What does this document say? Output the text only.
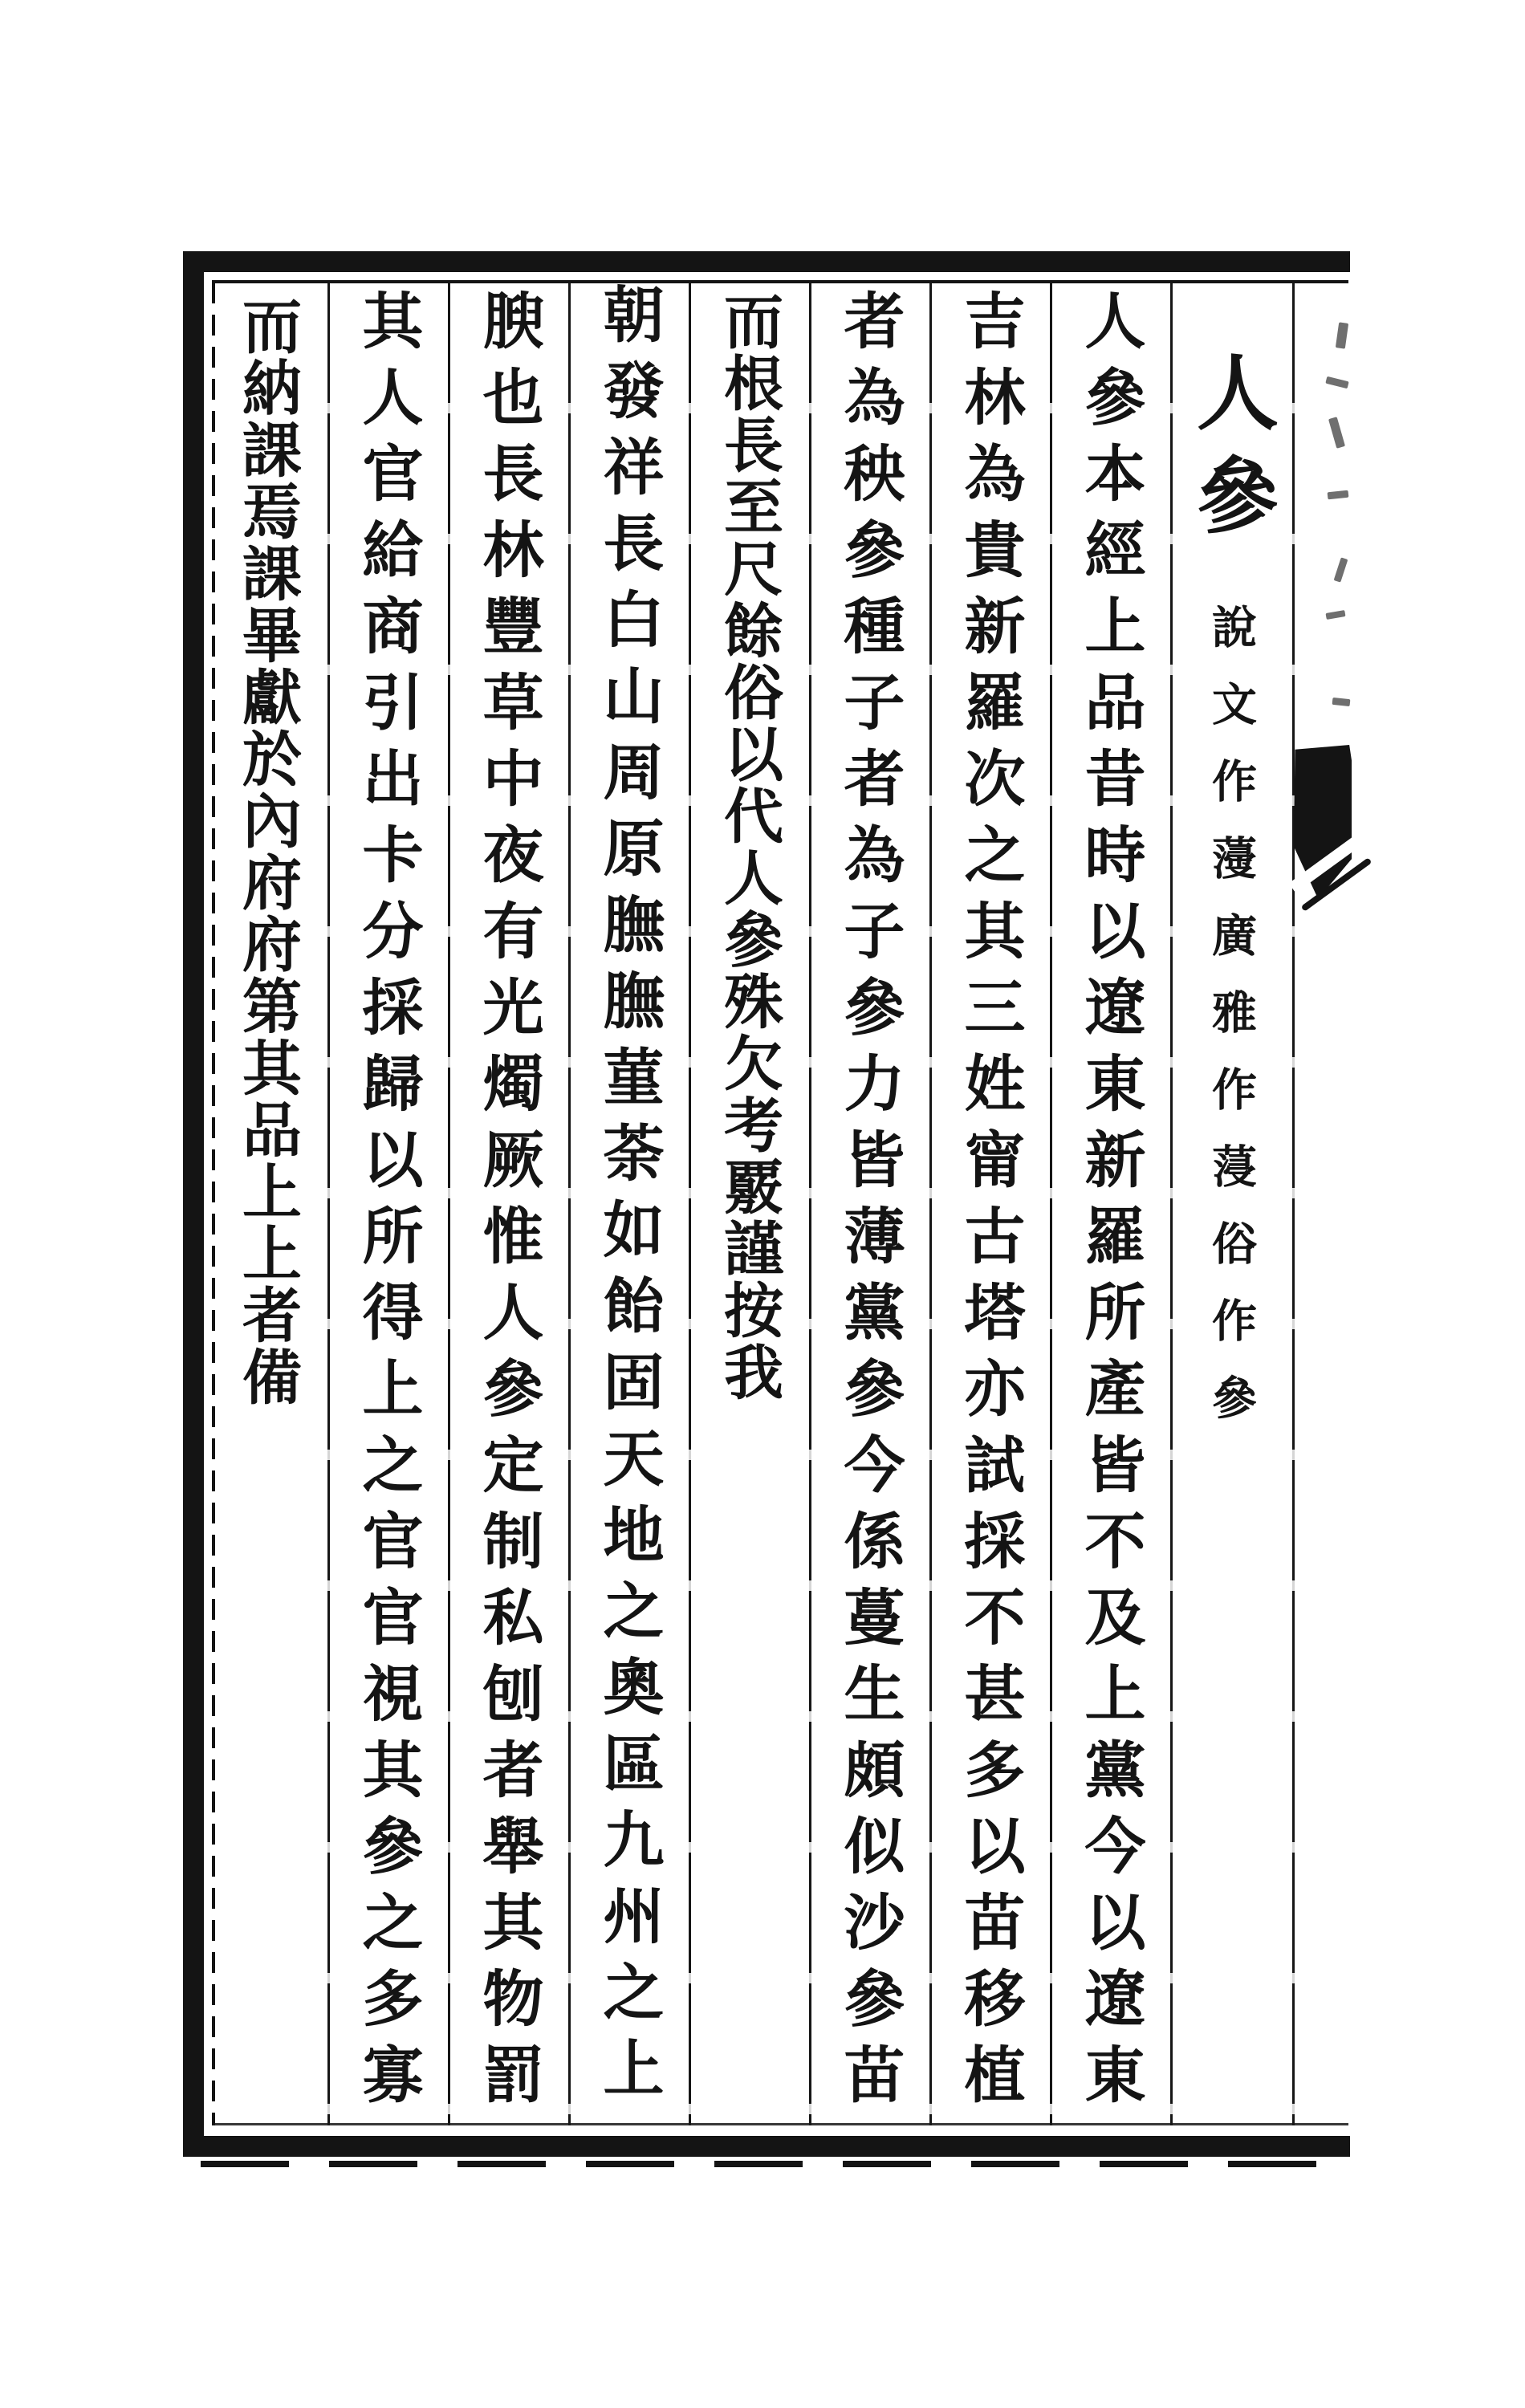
人參
說文作薓廣雅作蓡俗作參
人參本經上品昔時以遼東新羅所產皆不及上黨今以遼東
吉林為貴新羅次之其三姓甯古塔亦試採不甚多以苗移植
者為秧參種子者為子參力皆薄黨參今係蔓生頗似沙參苗
而根長至尺餘俗以代人參殊欠考覈謹按我
朝發祥長白山周原膴膴菫荼如飴固天地之奧區九州之上
腴也長林豐草中夜有光燭厥惟人參定制私刨者舉其物罰
其人官給商引出卡分採歸以所得上之官官視其參之多寡
而納課焉課畢獻於內府府第其品上上者備
